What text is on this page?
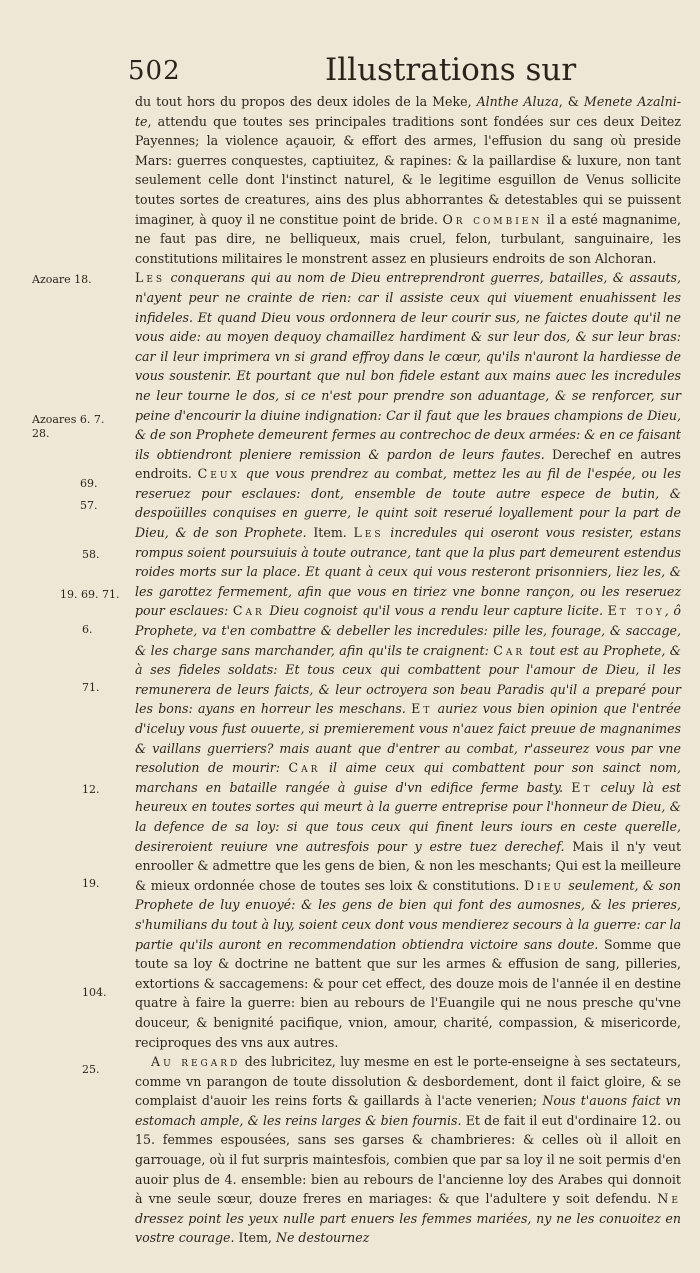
502	Illustrations sur
Azoare 18.
Azoares 6. 7.
28.
69.
57.
58.
19. 69. 71.
6.
71.
12.
19.
104.
25.

du tout hors du propos des deux idoles de la Meke, Alnthe Aluza, & Menete Azalni-te, attendu que toutes ses principales traditions sont fondées sur ces deux Deitez Payennes; la violence açauoir, & effort des armes, l'effusion du sang où preside Mars: guerres conquestes, captiuitez, & rapines: & la paillardise & luxure, non tant seulement celle dont l'instinct naturel, & le legitime esguillon de Venus sollicite toutes sortes de creatures, ains des plus abhorrantes & detestables qui se puissent imaginer, à quoy il ne constitue point de bride. Or combien il a esté magnanime, ne faut pas dire, ne belliqueux, mais cruel, felon, turbulant, sanguinaire, les constitutions militaires le monstrent assez en plusieurs endroits de son Alchoran.

Les conquerans qui au nom de Dieu entreprendront guerres, batailles, & assauts, n'ayent peur ne crainte de rien: car il assiste ceux qui viuement enuahissent les infideles. Et quand Dieu vous ordonnera de leur courir sus, ne faictes doute qu'il ne vous aide: au moyen dequoy chamaillez hardiment & sur leur dos, & sur leur bras: car il leur imprimera vn si grand effroy dans le cœur, qu'ils n'auront la hardiesse de vous soustenir. Et pourtant que nul bon fidele estant aux mains auec les incredules ne leur tourne le dos, si ce n'est pour prendre son aduantage, & se renforcer, sur peine d'encourir la diuine indignation: Car il faut que les braues champions de Dieu, & de son Prophete demeurent fermes au contrechoc de deux armées: & en ce faisant ils obtiendront pleniere remission & pardon de leurs fautes. Derechef en autres endroits. Ceux que vous prendrez au combat, mettez les au fil de l'espée, ou les reseruez pour esclaues: dont, ensemble de toute autre espece de butin, & despoüilles conquises en guerre, le quint soit reserué loyallement pour la part de Dieu, & de son Prophete. Item. Les incredules qui oseront vous resister, estans rompus soient poursuiuis à toute outrance, tant que la plus part demeurent estendus roides morts sur la place. Et quant à ceux qui vous resteront prisonniers, liez les, & les garottez fermement, afin que vous en tiriez vne bonne rançon, ou les reseruez pour esclaues: Car Dieu cognoist qu'il vous a rendu leur capture licite. Et toy, ô Prophete, va t'en combattre & debeller les incredules: pille les, fourage, & saccage, & les charge sans marchander, afin qu'ils te craignent: Car tout est au Prophete, & à ses fideles soldats: Et tous ceux qui combattent pour l'amour de Dieu, il les remunerera de leurs faicts, & leur octroyera son beau Paradis qu'il a preparé pour les bons: ayans en horreur les meschans. Et auriez vous bien opinion que l'entrée d'iceluy vous fust ouuerte, si premierement vous n'auez faict preuue de magnanimes & vaillans guerriers? mais auant que d'entrer au combat, r'asseurez vous par vne resolution de mourir: Car il aime ceux qui combattent pour son sainct nom, marchans en bataille rangée à guise d'vn edifice ferme basty. Et celuy là est heureux en toutes sortes qui meurt à la guerre entreprise pour l'honneur de Dieu, & la defence de sa loy: si que tous ceux qui finent leurs iours en ceste querelle, desireroient reuiure vne autresfois pour y estre tuez derechef. Mais il n'y veut enrooller & admettre que les gens de bien, & non les meschants; Qui est la meilleure & mieux ordonnée chose de toutes ses loix & constitutions. Dieu seulement, & son Prophete de luy enuoyé: & les gens de bien qui font des aumosnes, & les prieres, s'humilians du tout à luy, soient ceux dont vous mendierez secours à la guerre: car la partie qu'ils auront en recommendation obtiendra victoire sans doute. Somme que toute sa loy & doctrine ne battent que sur les armes & effusion de sang, pilleries, extortions & saccagemens: & pour cet effect, des douze mois de l'année il en destine quatre à faire la guerre: bien au rebours de l'Euangile qui ne nous presche qu'vne douceur, & benignité pacifique, vnion, amour, charité, compassion, & misericorde, reciproques des vns aux autres.

Au regard des lubricitez, luy mesme en est le porte-enseigne à ses sectateurs, comme vn parangon de toute dissolution & desbordement, dont il faict gloire, & se complaist d'auoir les reins forts & gaillards à l'acte venerien; Nous t'auons faict vn estomach ample, & les reins larges & bien fournis. Et de fait il eut d'ordinaire 12. ou 15. femmes espousées, sans ses garses & chambrieres: & celles où il alloit en garrouage, où il fut surpris maintesfois, combien que par sa loy il ne soit permis d'en auoir plus de 4. ensemble: bien au rebours de l'ancienne loy des Arabes qui donnoit à vne seule sœur, douze freres en mariages: & que l'adultere y soit defendu. Ne dressez point les yeux nulle part enuers les femmes mariées, ny ne les conuoitez en vostre courage. Item, Ne destournez
